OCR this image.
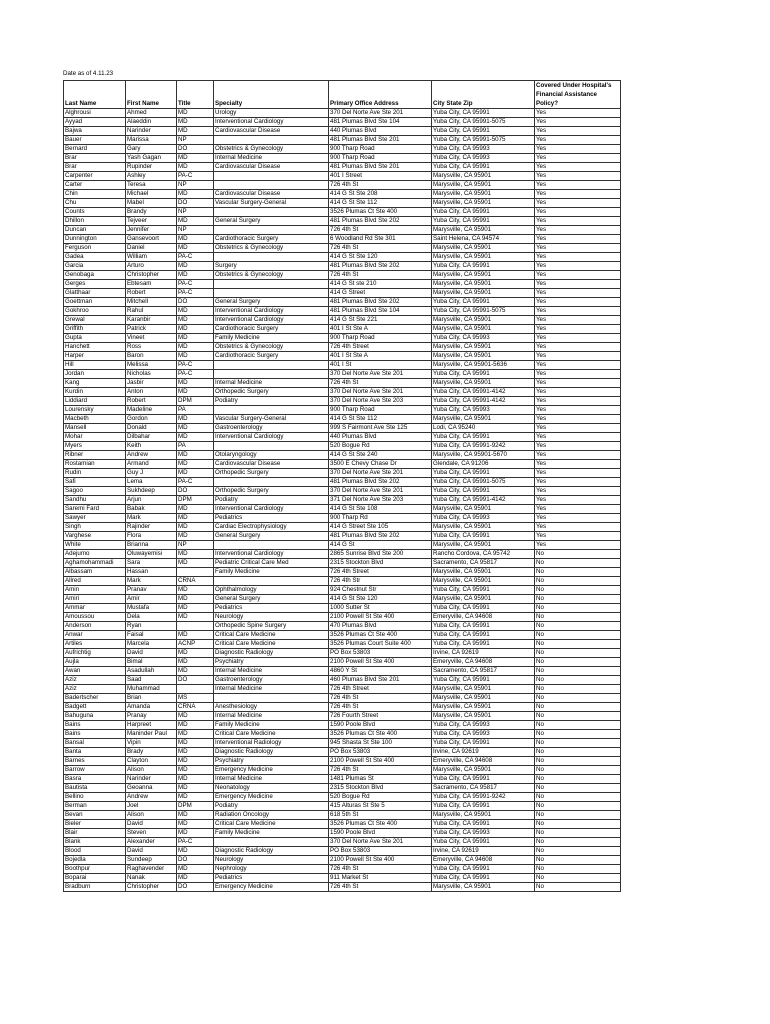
Date as of 4.11.23
Last Name	First Name	Title	Specialty	Primary Office Address	City State Zip	Covered Under Hospital's Financial Assistance Policy?
Alghrousi	Ahmed	MD	Urology	370 Del Norte Ave Ste 201	Yuba City, CA 95991	Yes
Ayyad	Alaeddin	MD	Interventional Cardiology	481 Plumas Blvd Ste 104	Yuba City, CA 95991-5075	Yes
Bajwa	Narinder	MD	Cardiovascular Disease	440 Plumas Blvd	Yuba City, CA 95991	Yes
Bauer	Marissa	NP		481 Plumas Blvd Ste 201	Yuba City, CA 95991-5075	Yes
Bernard	Gary	DO	Obstetrics & Gynecology	900 Tharp Road	Yuba City, CA 95993	Yes
Brar	Yash Gagan	MD	Internal Medicine	900 Tharp Road	Yuba City, CA 95993	Yes
Brar	Rupinder	MD	Cardiovascular Disease	481 Plumas Blvd Ste 201	Yuba City, CA 95991	Yes
Carpenter	Ashley	PA-C		401 I Street	Marysville, CA 95901	Yes
Carter	Teresa	NP		726 4th St	Marysville, CA 95901	Yes
Chin	Michael	MD	Cardiovascular Disease	414 G St Ste 208	Marysville, CA 95901	Yes
Chu	Mabel	DO	Vascular Surgery-General	414 G St Ste 112	Marysville, CA 95901	Yes
Counts	Brandy	NP		3526 Plumas Ct Ste 400	Yuba City, CA 95991	Yes
Dhillon	Tejveer	MD	General Surgery	481 Plumas Blvd Ste 202	Yuba City, CA 95991	Yes
Duncan	Jennifer	NP		726 4th St	Marysville, CA 95901	Yes
Dunnington	Gansevoort	MD	Cardiothoracic Surgery	6 Woodland Rd Ste 301	Saint Helena, CA 94574	Yes
Ferguson	Daniel	MD	Obstetrics & Gynecology	726 4th St	Marysville, CA 95901	Yes
Gadea	William	PA-C		414 G St Ste 120	Marysville, CA 95901	Yes
Garcia	Arturo	MD	Surgery	481 Plumas Blvd Ste 202	Yuba City, CA 95991	Yes
Genobaga	Christopher	MD	Obstetrics & Gynecology	726 4th St	Marysville, CA 95901	Yes
Gerges	Ebtesam	PA-C		414 G St ste 210	Marysville, CA 95901	Yes
Glatthaar	Robert	PA-C		414 G Street	Marysville, CA 95901	Yes
Goettman	Mitchell	DO	General Surgery	481 Plumas Blvd Ste 202	Yuba City, CA 95991	Yes
Gokhroo	Rahul	MD	Interventional Cardiology	481 Plumas Blvd Ste 104	Yuba City, CA 95991-5075	Yes
Grewal	Karanbir	MD	Interventional Cardiology	414 G St Ste 221	Marysville, CA 95901	Yes
Griffith	Patrick	MD	Cardiothoracic Surgery	401 I St Ste A	Marysville, CA 95901	Yes
Gupta	Vineet	MD	Family Medicine	900 Tharp Road	Yuba City, CA 95993	Yes
Hanchett	Ross	MD	Obstetrics & Gynecology	726 4th Street	Marysville, CA 95901	Yes
Harper	Baron	MD	Cardiothoracic Surgery	401 I St Ste A	Marysville, CA 95901	Yes
Hill	Melissa	PA-C		401 I St	Marysville, CA 95901-5636	Yes
Jordan	Nicholas	PA-C		370 Del Norte Ave Ste 201	Yuba City, CA 95991	Yes
Kang	Jasbir	MD	Internal Medicine	726 4th St	Marysville, CA 95901	Yes
Kurdin	Anton	MD	Orthopedic Surgery	370 Del Norte Ave Ste 201	Yuba City, CA 95991-4142	Yes
Liddiard	Robert	DPM	Podiatry	370 Del Norte Ave Ste 203	Yuba City, CA 95991-4142	Yes
Lourensky	Madeline	PA		900 Tharp Road	Yuba City, CA 95993	Yes
Macbeth	Gordon	MD	Vascular Surgery-General	414 G St Ste 112	Marysville, CA 95901	Yes
Mansell	Donald	MD	Gastroenterology	999 S Fairmont Ave Ste 125	Lodi, CA 95240	Yes
Mohar	Dilbahar	MD	Interventional Cardiology	440 Plumas Blvd	Yuba City, CA 95991	Yes
Myers	Keith	PA		520 Bogue Rd	Yuba City, CA 95991-9242	Yes
Ribner	Andrew	MD	Otolaryngology	414 G St Ste 240	Marysville, CA 95901-5670	Yes
Rostamian	Armand	MD	Cardiovascular Disease	3500 E Chevy Chase Dr	Glendale, CA 91206	Yes
Rudin	Guy J	MD	Orthopedic Surgery	370 Del Norte Ave Ste 201	Yuba City, CA 95991	Yes
Safi	Lema	PA-C		481 Plumas Blvd Ste 202	Yuba City, CA 95991-5075	Yes
Sagoo	Sukhdeep	DO	Orthopedic Surgery	370 Del Norte Ave Ste 201	Yuba City, CA 95991	Yes
Sandhu	Arjun	DPM	Podiatry	371 Del Norte Ave Ste 203	Yuba City, CA 95991-4142	Yes
Saremi Fard	Babak	MD	Interventional Cardiology	414 G St Ste 108	Marysville, CA 95901	Yes
Sawyer	Mark	MD	Pediatrics	900 Tharp Rd	Yuba City, CA 95993	Yes
Singh	Rajinder	MD	Cardiac Electrophysiology	414 G Street Ste 105	Marysville, CA 95901	Yes
Varghese	Flora	MD	General Surgery	481 Plumas Blvd Ste 202	Yuba City, CA 95991	Yes
White	Brianna	NP		414 G St	Marysville, CA 95901	Yes
Adejumo	Oluwayemisi	MD	Interventional Cardiology	2865 Sunrise Blvd Ste 200	Rancho Cordova, CA 95742	No
Aghamohammadi	Sara	MD	Pediatric Critical Care Med	2315 Stockton Blvd	Sacramento, CA 95817	No
Albassam	Hassan		Family Medicine	726 4th Street	Marysville, CA 95901	No
Allred	Mark	CRNA		726 4th Str	Marysville, CA 95901	No
Amin	Pranav	MD	Ophthalmology	924 Chestnut Str	Yuba City, CA 95991	No
Amiri	Amir	MD	General Surgery	414 G St Ste 120	Marysville, CA 95901	No
Ammar	Mustafa	MD	Pediatrics	1000 Sutter St	Yuba City, CA 95991	No
Amoussou	Dela	MD	Neurology	2100 Powell St Ste 400	Emeryville, CA 94608	No
Anderson	Ryan		Orthopedic Spine Surgery	470 Plumas Blvd	Yuba City, CA 95991	No
Anwar	Faisal	MD	Critical Care Medicine	3526 Plumas Ct Ste 400	Yuba City, CA 95991	No
Artiles	Marcela	ACNP	Critical Care Medicine	3526 Plumas Court Suite 400	Yuba City, CA 95991	No
Aufrichtig	David	MD	Diagnostic Radiology	PO Box 53803	Irvine, CA 92619	No
Aujla	Bimal	MD	Psychiatry	2100 Powell St Ste 400	Emeryville, CA 94608	No
Awan	Asadullah	MD	Internal Medicine	4860 Y St	Sacramento, CA 95817	No
Aziz	Saad	DO	Gastroenterology	460 Plumas Blvd Ste 201	Yuba City, CA 95991	No
Aziz	Muhammad		Internal Medicine	726 4th Street	Marysville, CA 95901	No
Badertscher	Brian	MS		726 4th St	Marysville, CA 95901	No
Badgett	Amanda	CRNA	Anesthesiology	726 4th St	Marysville, CA 95901	No
Bahuguna	Pranay	MD	Internal Medicine	726 Fourth Street	Marysville, CA 95901	No
Bains	Harpreet	MD	Family Medicine	1590 Poole Blvd	Yuba City, CA 95993	No
Bains	Maninder Paul	MD	Critical Care Medicine	3526 Plumas Ct Ste 400	Yuba City, CA 95993	No
Bansal	Vipin	MD	Interventional Radiology	945 Shasta St Ste 100	Yuba City, CA 95991	No
Banta	Brady	MD	Diagnostic Radiology	PO Box 53803	Irvine, CA 92619	No
Barnes	Clayton	MD	Psychiatry	2100 Powell St Ste 400	Emeryville, CA 94608	No
Barrow	Alison	MD	Emergency Medicine	726 4th St	Marysville, CA 95901	No
Basra	Narinder	MD	Internal Medicine	1481 Plumas St	Yuba City, CA 95991	No
Bautista	Geoanna	MD	Neonatology	2315 Stockton Blvd	Sacramento, CA 95817	No
Bellino	Andrew	MD	Emergency Medicine	520 Bogue Rd	Yuba City, CA 95991-9242	No
Berman	Joel	DPM	Podiatry	415 Alturas St Ste 5	Yuba City, CA 95991	No
Bevan	Alison	MD	Radiation Oncology	618 5th St	Marysville, CA 95901	No
Bieler	David	MD	Critical Care Medicine	3526 Plumas Ct Ste 400	Yuba City, CA 95991	No
Blair	Steven	MD	Family Medicine	1590 Poole Blvd	Yuba City, CA 95993	No
Blank	Alexander	PA-C		370 Del Norte Ave Ste 201	Yuba City, CA 95991	No
Blood	David	MD	Diagnostic Radiology	PO Box 53803	Irvine, CA 92619	No
Bojedla	Sundeep	DO	Neurology	2100 Powell St Ste 400	Emeryville, CA 94608	No
Boothpur	Raghavender	MD	Nephrology	726 4th St	Yuba City, CA 95991	No
Boparai	Nanak	MD	Pediatrics	911 Market St	Yuba City, CA 95991	No
Bradburn	Christopher	DO	Emergency Medicine	726 4th St	Marysville, CA 95901	No
